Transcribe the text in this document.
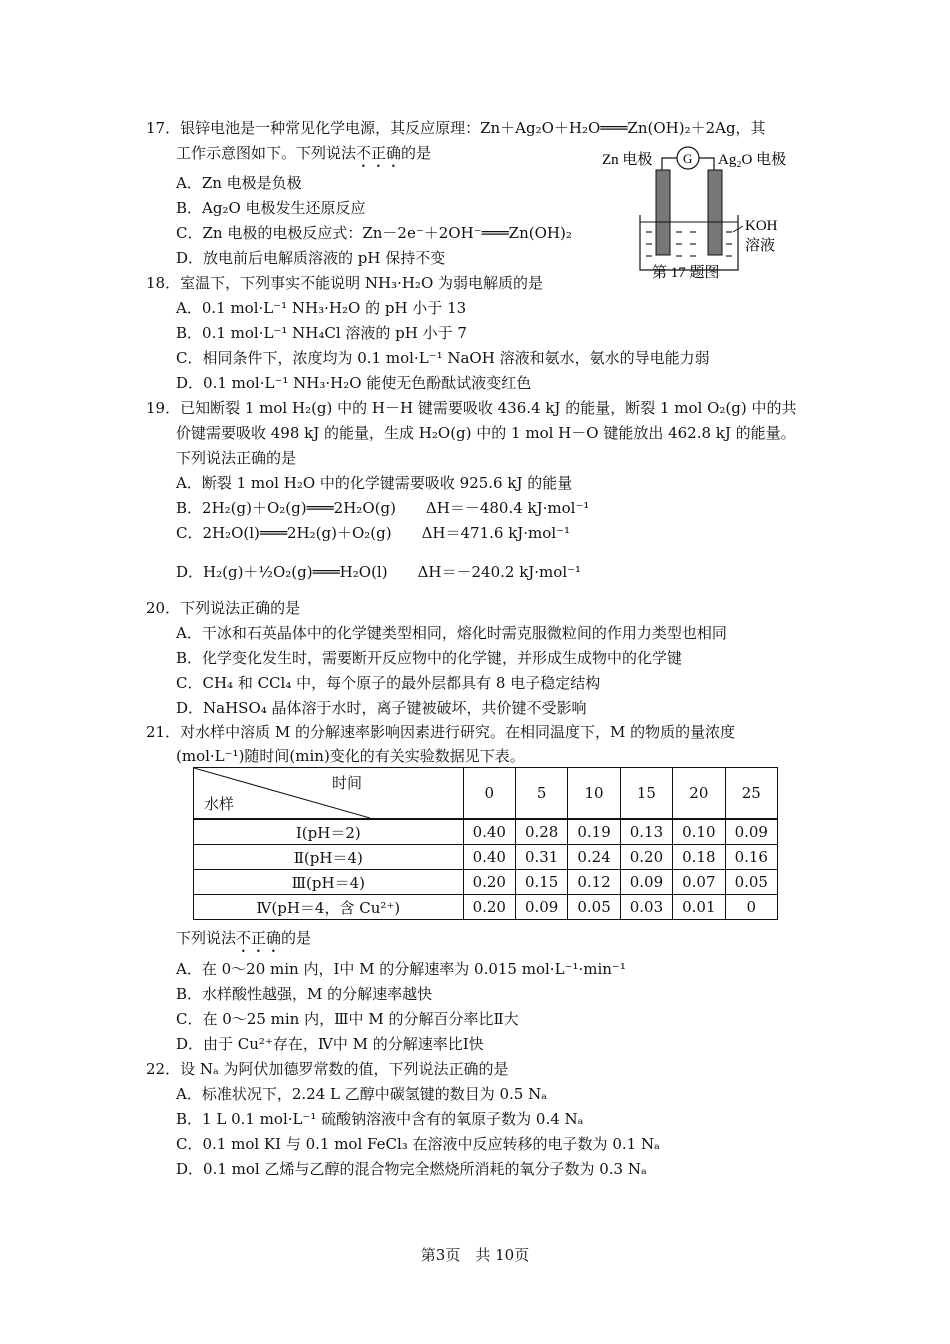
17．银锌电池是一种常见化学电源，其反应原理：Zn＋Ag₂O＋H₂O═══Zn(OH)₂＋2Ag，其
工作示意图如下。下列说法不正确的是
A．Zn 电极是负极
B．Ag₂O 电极发生还原反应
C．Zn 电极的电极反应式：Zn－2e⁻＋2OH⁻═══Zn(OH)₂
D．放电前后电解质溶液的 pH 保持不变
Zn 电极 G Ag₂O 电极
KOH
溶液
第 17 题图
18．室温下，下列事实不能说明 NH₃·H₂O 为弱电解质的是
A．0.1 mol·L⁻¹ NH₃·H₂O 的 pH 小于 13
B．0.1 mol·L⁻¹ NH₄Cl 溶液的 pH 小于 7
C．相同条件下，浓度均为 0.1 mol·L⁻¹ NaOH 溶液和氨水，氨水的导电能力弱
D．0.1 mol·L⁻¹ NH₃·H₂O 能使无色酚酞试液变红色
19．已知断裂 1 mol H₂(g) 中的 H－H 键需要吸收 436.4 kJ 的能量，断裂 1 mol O₂(g) 中的共
价键需要吸收 498 kJ 的能量，生成 H₂O(g) 中的 1 mol H－O 键能放出 462.8 kJ 的能量。
下列说法正确的是
A．断裂 1 mol H₂O 中的化学键需要吸收 925.6 kJ 的能量
B．2H₂(g)＋O₂(g)═══2H₂O(g)　　ΔH＝－480.4 kJ·mol⁻¹
C．2H₂O(l)═══2H₂(g)＋O₂(g)　　ΔH＝471.6 kJ·mol⁻¹
D．H₂(g)＋½O₂(g)═══H₂O(l)　　ΔH＝－240.2 kJ·mol⁻¹
20．下列说法正确的是
A．干冰和石英晶体中的化学键类型相同，熔化时需克服微粒间的作用力类型也相同
B．化学变化发生时，需要断开反应物中的化学键，并形成生成物中的化学键
C．CH₄ 和 CCl₄ 中，每个原子的最外层都具有 8 电子稳定结构
D．NaHSO₄ 晶体溶于水时，离子键被破坏，共价键不受影响
21．对水样中溶质 M 的分解速率影响因素进行研究。在相同温度下，M 的物质的量浓度
(mol·L⁻¹)随时间(min)变化的有关实验数据见下表。
时间
水样	0	5	10	15	20	25
Ⅰ(pH＝2)	0.40	0.28	0.19	0.13	0.10	0.09
Ⅱ(pH＝4)	0.40	0.31	0.24	0.20	0.18	0.16
Ⅲ(pH＝4)	0.20	0.15	0.12	0.09	0.07	0.05
Ⅳ(pH＝4，含 Cu²⁺)	0.20	0.09	0.05	0.03	0.01	0
下列说法不正确的是
A．在 0～20 min 内，Ⅰ中 M 的分解速率为 0.015 mol·L⁻¹·min⁻¹
B．水样酸性越强，M 的分解速率越快
C．在 0～25 min 内，Ⅲ中 M 的分解百分率比Ⅱ大
D．由于 Cu²⁺存在，Ⅳ中 M 的分解速率比Ⅰ快
22．设 Nₐ 为阿伏加德罗常数的值，下列说法正确的是
A．标准状况下，2.24 L 乙醇中碳氢键的数目为 0.5 Nₐ
B．1 L 0.1 mol·L⁻¹ 硫酸钠溶液中含有的氧原子数为 0.4 Nₐ
C．0.1 mol KI 与 0.1 mol FeCl₃ 在溶液中反应转移的电子数为 0.1 Nₐ
D．0.1 mol 乙烯与乙醇的混合物完全燃烧所消耗的氧分子数为 0.3 Nₐ
第3页　共 10页
